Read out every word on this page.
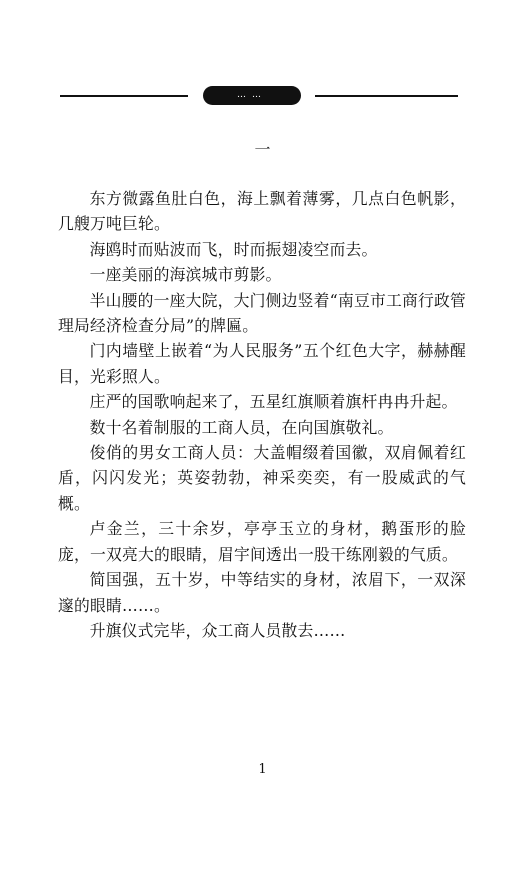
……
一

东方微露鱼肚白色，海上飘着薄雾，几点白色帆影，几艘万吨巨轮。

海鸥时而贴波而飞，时而振翅凌空而去。

一座美丽的海滨城市剪影。

半山腰的一座大院，大门侧边竖着“南豆市工商行政管理局经济检查分局”的牌匾。

门内墙壁上嵌着“为人民服务”五个红色大字，赫赫醒目，光彩照人。

庄严的国歌响起来了，五星红旗顺着旗杆冉冉升起。

数十名着制服的工商人员，在向国旗敬礼。

俊俏的男女工商人员：大盖帽缀着国徽，双肩佩着红盾，闪闪发光；英姿勃勃，神采奕奕，有一股威武的气概。

卢金兰，三十余岁，亭亭玉立的身材，鹅蛋形的脸庞，一双亮大的眼睛，眉宇间透出一股干练刚毅的气质。

简国强，五十岁，中等结实的身材，浓眉下，一双深邃的眼睛……。

升旗仪式完毕，众工商人员散去……

1
